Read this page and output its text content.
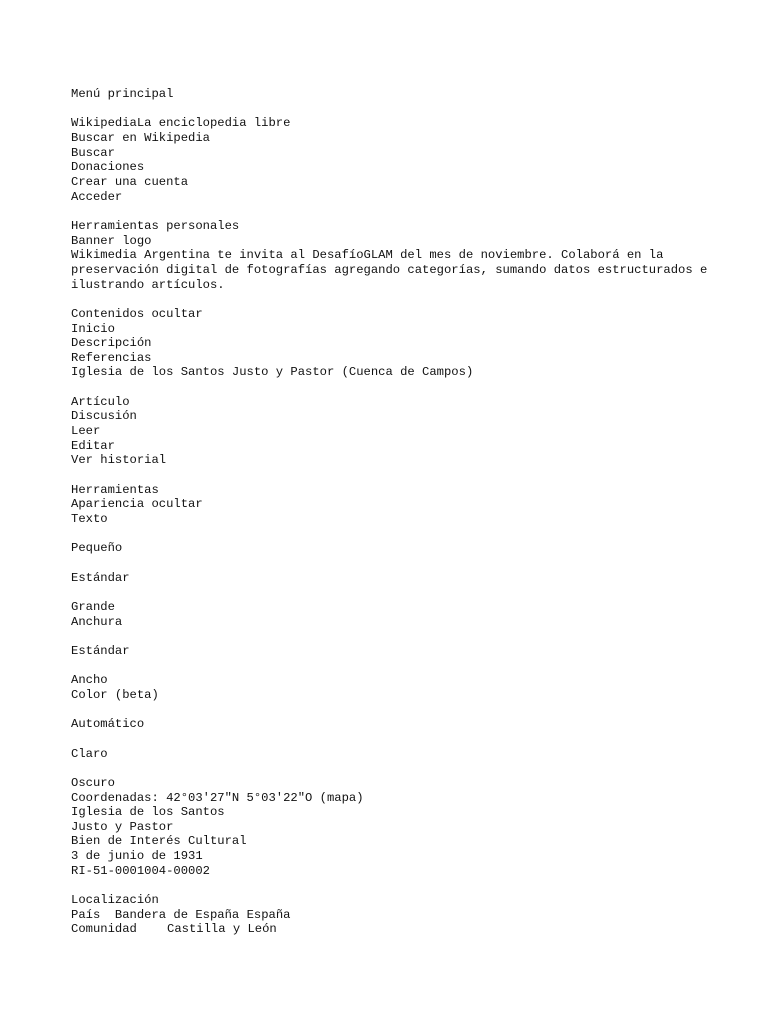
Menú principal
WikipediaLa enciclopedia libre
Buscar en Wikipedia
Buscar
Donaciones
Crear una cuenta
Acceder
Herramientas personales
Banner logo
Wikimedia Argentina te invita al DesafíoGLAM del mes de noviembre. Colaborá en la preservación digital de fotografías agregando categorías, sumando datos estructurados e ilustrando artículos.
Contenidos ocultar
Inicio
Descripción
Referencias
Iglesia de los Santos Justo y Pastor (Cuenca de Campos)
Artículo
Discusión
Leer
Editar
Ver historial
Herramientas
Apariencia ocultar
Texto
Pequeño
Estándar
Grande
Anchura
Estándar
Ancho
Color (beta)
Automático
Claro
Oscuro
Coordenadas: 42°03′27″N 5°03′22″O (mapa)
Iglesia de los Santos
Justo y Pastor
Bien de Interés Cultural
3 de junio de 1931
RI-51-0001004-00002
Localización
País Bandera de España España
Comunidad Castilla y León
